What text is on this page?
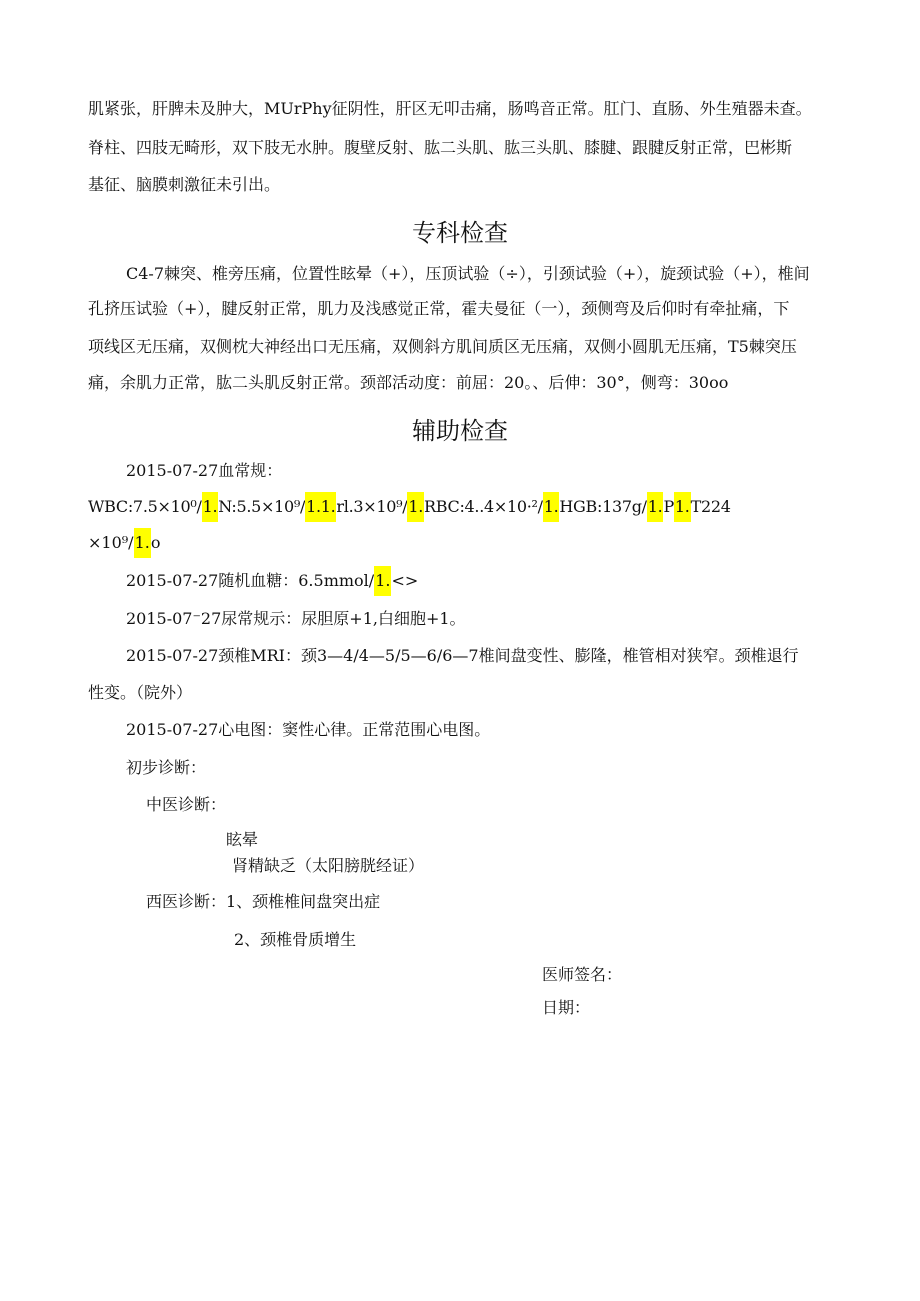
肌紧张，肝脾未及肿大，MUrPhy征阴性，肝区无叩击痛，肠鸣音正常。肛门、直肠、外生殖器未查。
脊柱、四肢无畸形，双下肢无水肿。腹壁反射、肱二头肌、肱三头肌、膝腱、跟腱反射正常，巴彬斯
基征、脑膜刺激征未引出。
专科检查
C4-7棘突、椎旁压痛，位置性眩晕（+），压顶试验（÷），引颈试验（+），旋颈试验（+），椎间
孔挤压试验（+），腱反射正常，肌力及浅感觉正常，霍夫曼征（一），颈侧弯及后仰时有牵扯痛，下
项线区无压痛，双侧枕大神经出口无压痛，双侧斜方肌间质区无压痛，双侧小圆肌无压痛，T5棘突压
痛，余肌力正常，肱二头肌反射正常。颈部活动度：前屈：20。、后伸：30°，侧弯：30oo
辅助检查
2015-07-27血常规：
WBC:7.5×10⁰/1.N:5.5×10⁹/1.1.rl.3×10⁹/1.RBC:4..4×10·²/1.HGB:137g/1.P1.T224
×10⁹/1.o
2015-07-27随机血糖：6.5mmol/1.<>
2015-07⁻27尿常规示：尿胆原+1,白细胞+1。
2015-07-27颈椎MRI：颈3—4/4—5/5—6/6—7椎间盘变性、膨隆，椎管相对狭窄。颈椎退行
性变。（院外）
2015-07-27心电图：窦性心律。正常范围心电图。
初步诊断：
中医诊断：
眩晕
肾精缺乏（太阳膀胱经证）
西医诊断：1、颈椎椎间盘突出症
2、颈椎骨质增生
医师签名：
日期：
